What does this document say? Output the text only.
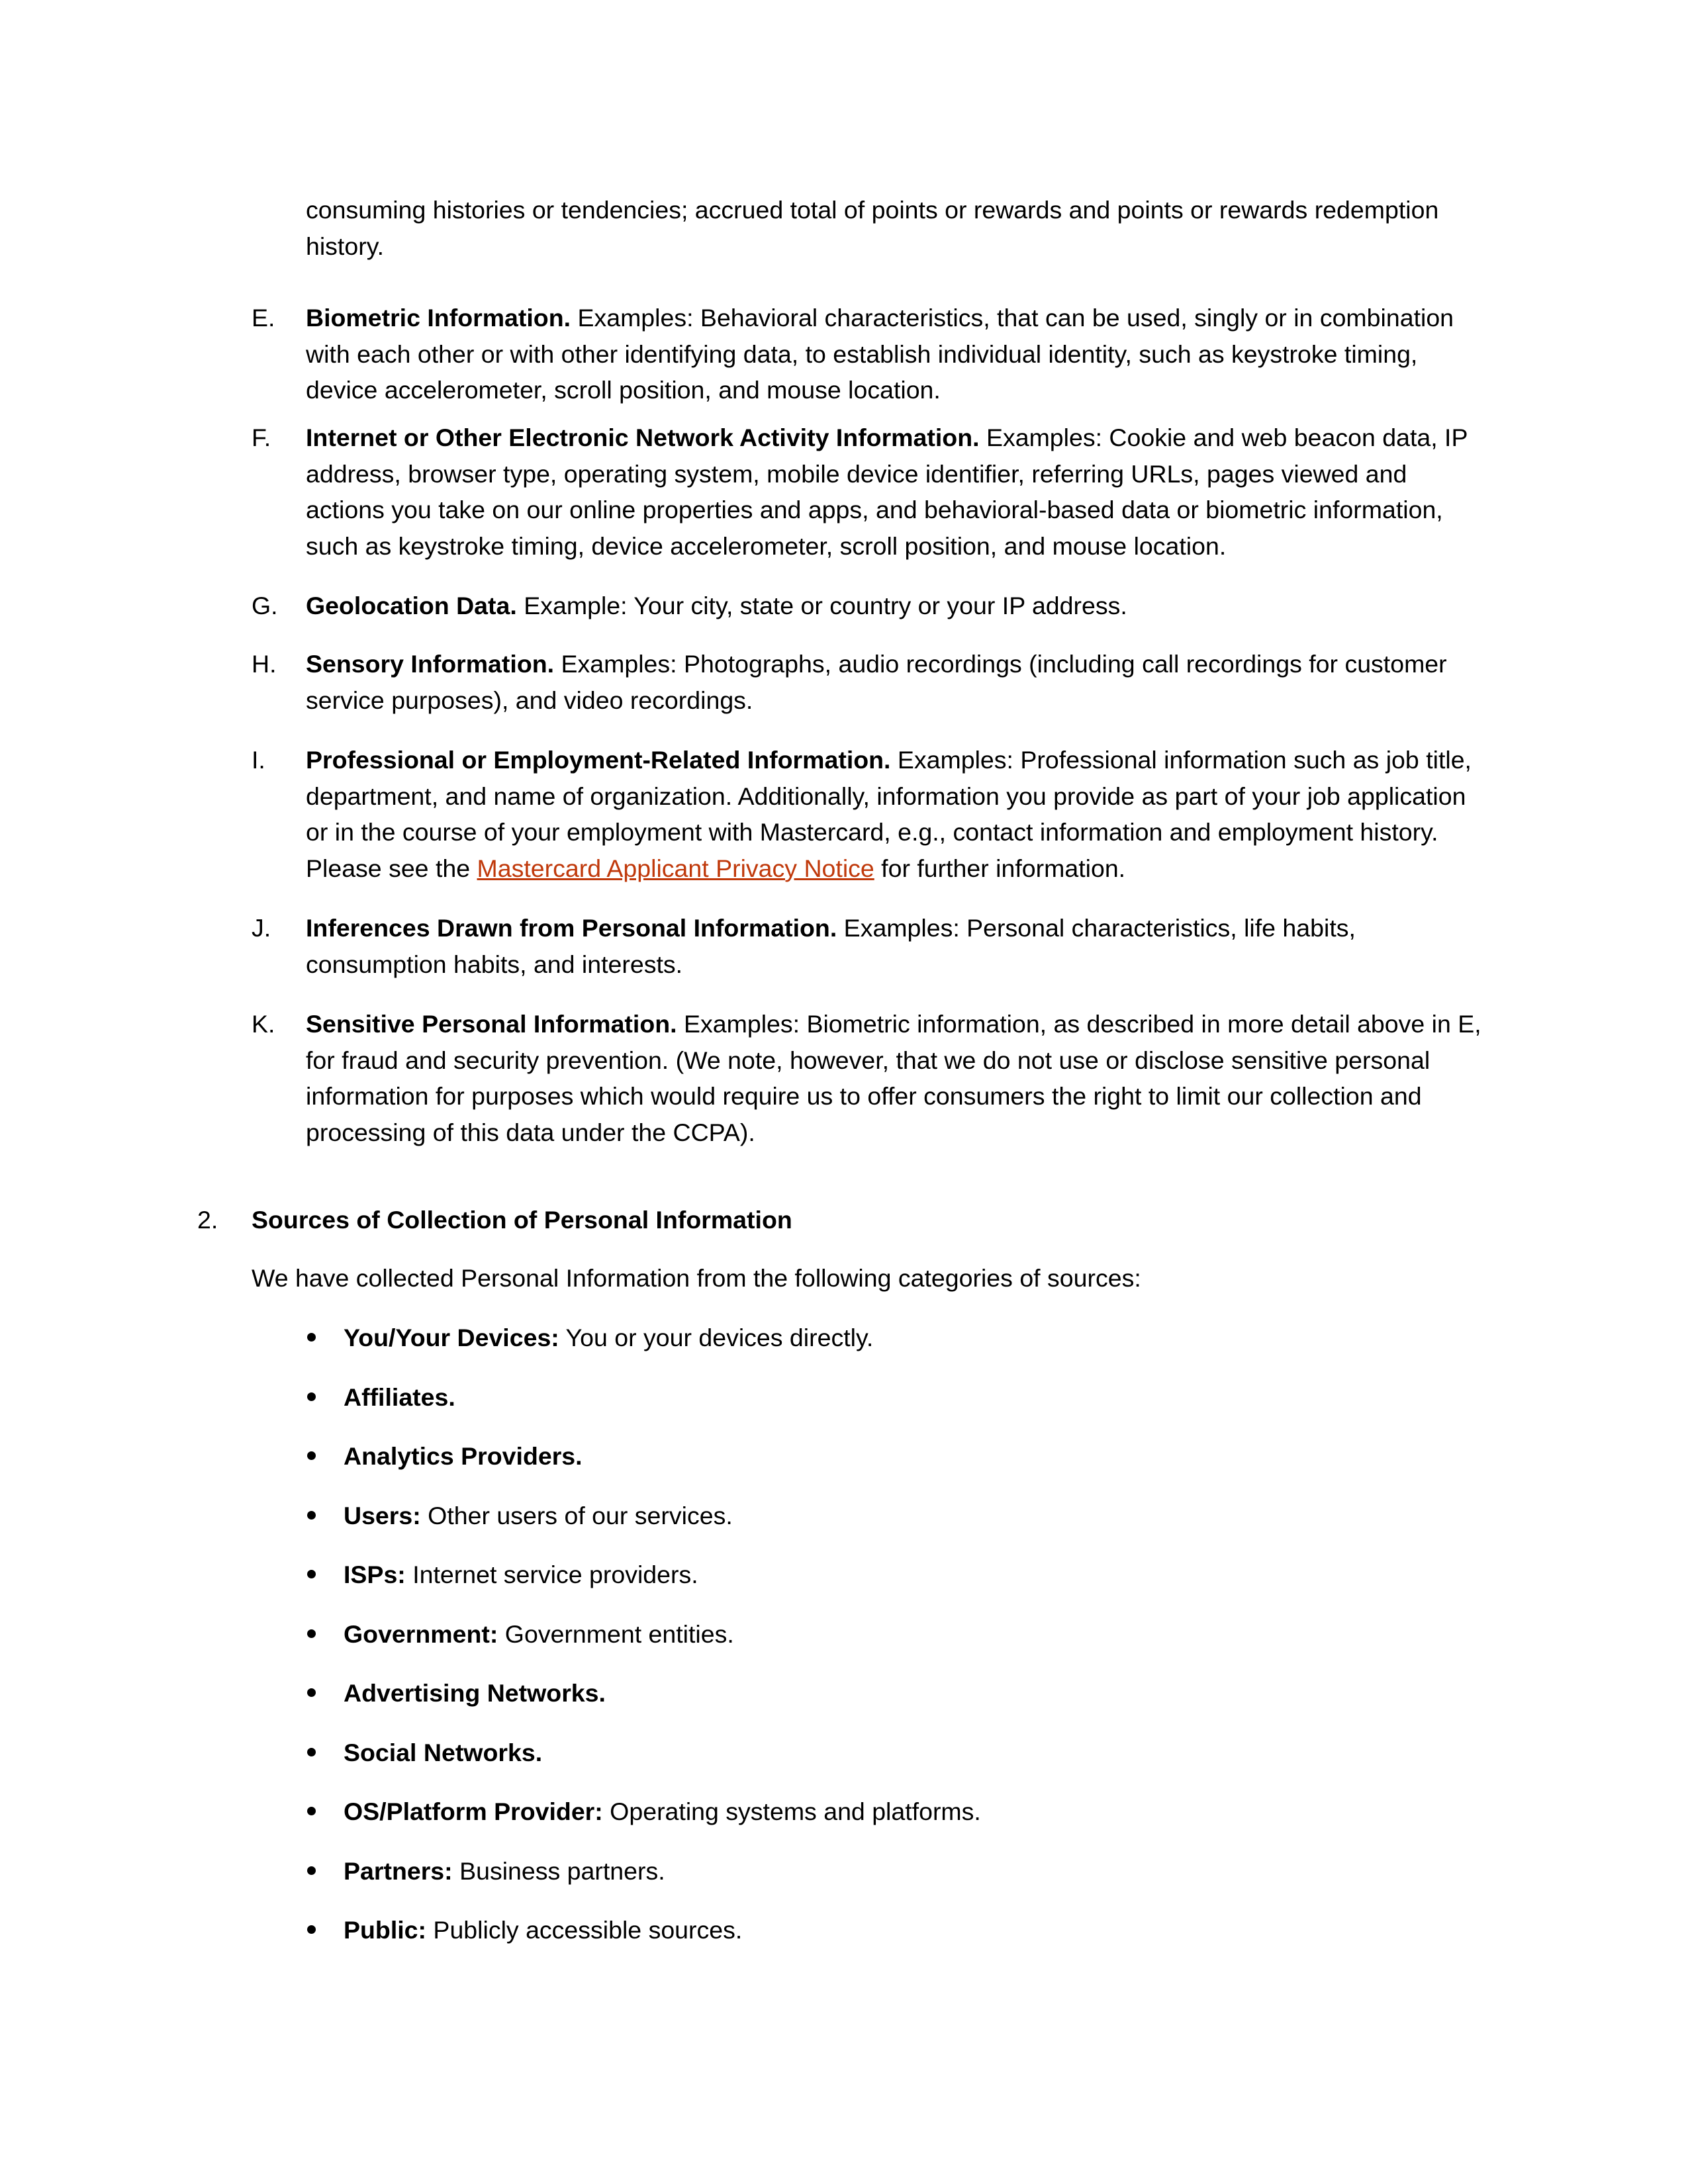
consuming histories or tendencies; accrued total of points or rewards and points or rewards redemption history.

E.	Biometric Information. Examples: Behavioral characteristics, that can be used, singly or in combination with each other or with other identifying data, to establish individual identity, such as keystroke timing, device accelerometer, scroll position, and mouse location.
F.	Internet or Other Electronic Network Activity Information. Examples: Cookie and web beacon data, IP address, browser type, operating system, mobile device identifier, referring URLs, pages viewed and actions you take on our online properties and apps, and behavioral-based data or biometric information, such as keystroke timing, device accelerometer, scroll position, and mouse location.
G.	Geolocation Data. Example: Your city, state or country or your IP address.
H.	Sensory Information. Examples: Photographs, audio recordings (including call recordings for customer service purposes), and video recordings.
I.	Professional or Employment-Related Information. Examples: Professional information such as job title, department, and name of organization. Additionally, information you provide as part of your job application or in the course of your employment with Mastercard, e.g., contact information and employment history. Please see the Mastercard Applicant Privacy Notice for further information.
J.	Inferences Drawn from Personal Information. Examples: Personal characteristics, life habits, consumption habits, and interests.
K.	Sensitive Personal Information. Examples: Biometric information, as described in more detail above in E, for fraud and security prevention. (We note, however, that we do not use or disclose sensitive personal information for purposes which would require us to offer consumers the right to limit our collection and processing of this data under the CCPA).
2. Sources of Collection of Personal Information
We have collected Personal Information from the following categories of sources:
You/Your Devices: You or your devices directly.
Affiliates.
Analytics Providers.
Users: Other users of our services.
ISPs: Internet service providers.
Government: Government entities.
Advertising Networks.
Social Networks.
OS/Platform Provider: Operating systems and platforms.
Partners: Business partners.
Public: Publicly accessible sources.
